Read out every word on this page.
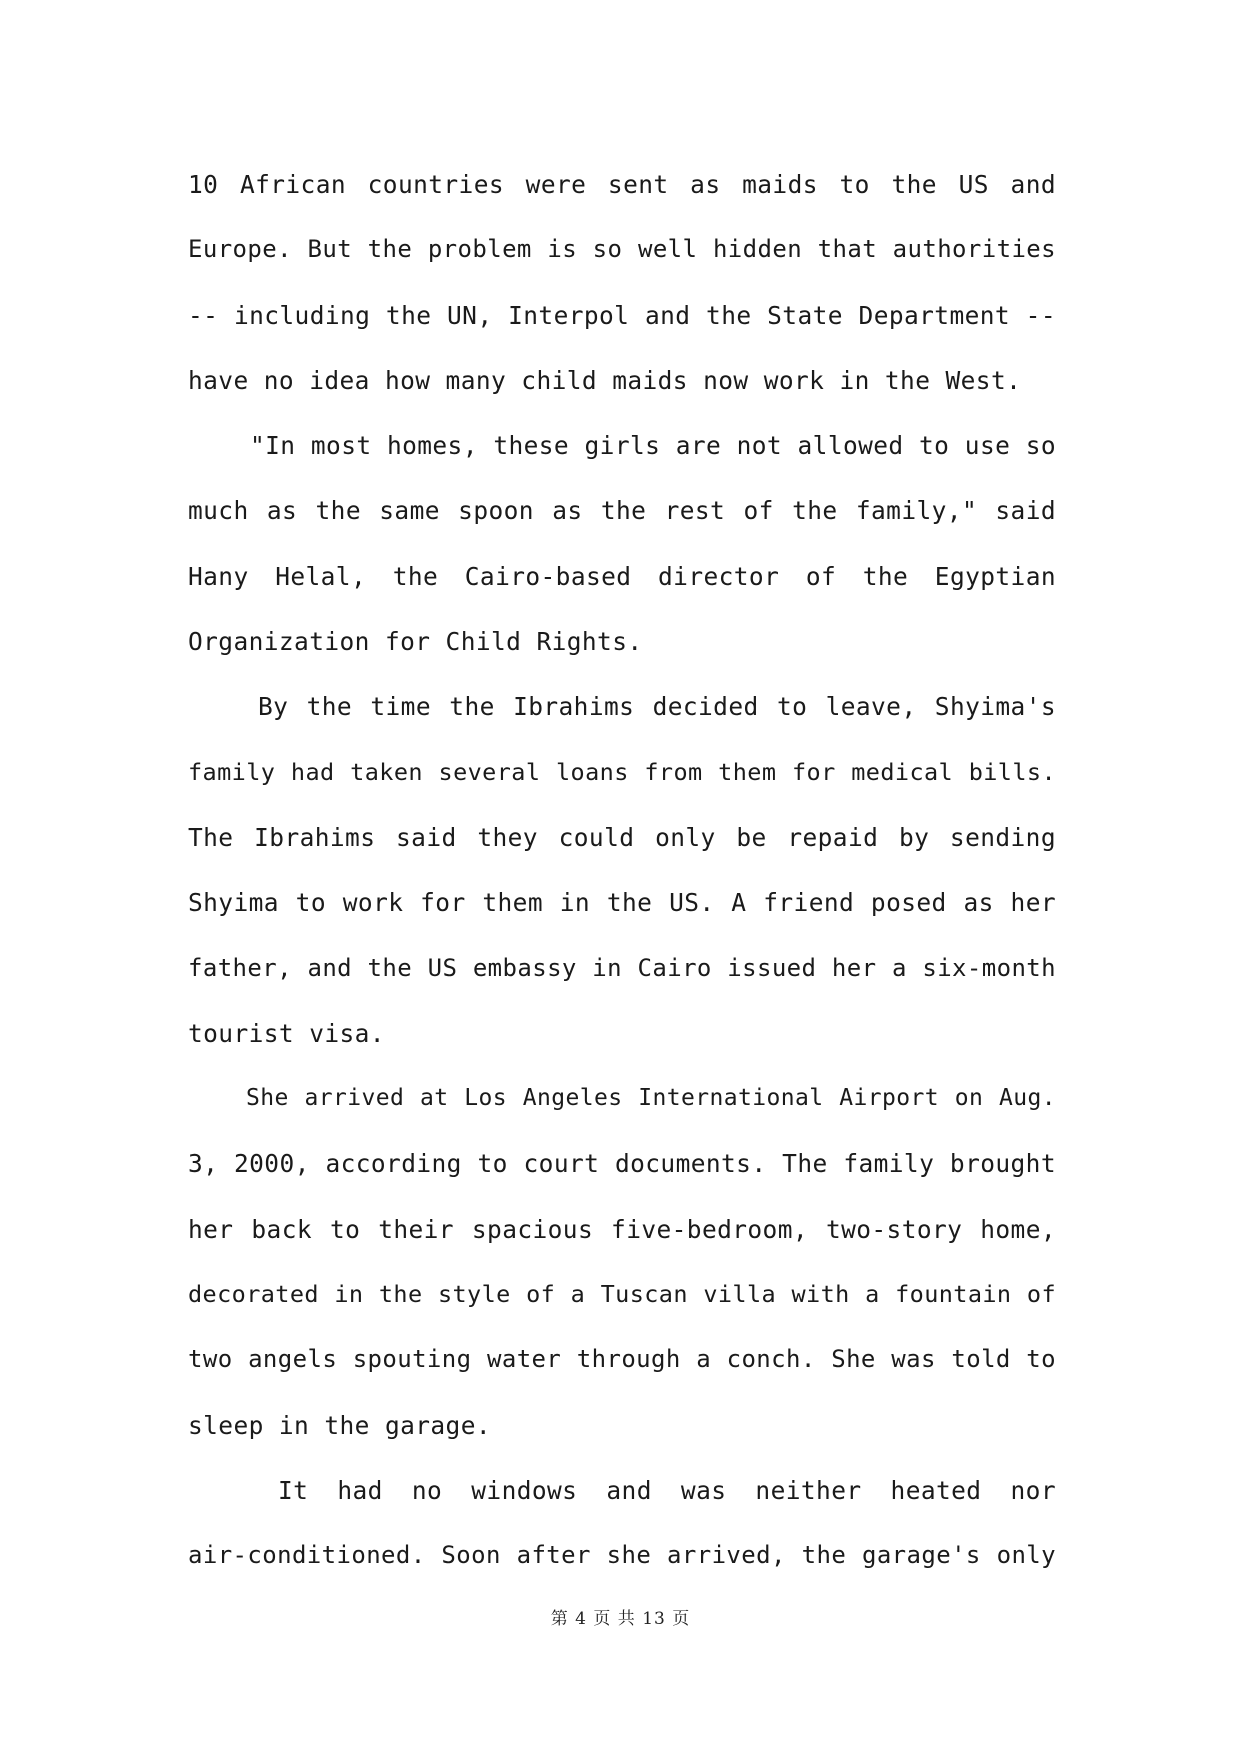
10 African countries were sent as maids to the US and
Europe. But the problem is so well hidden that authorities
-- including the UN, Interpol and the State Department --
have no idea how many child maids now work in the West.
"In most homes, these girls are not allowed to use so
much as the same spoon as the rest of the family," said
Hany Helal, the Cairo-based director of the Egyptian
Organization for Child Rights.
By the time the Ibrahims decided to leave, Shyima's
family had taken several loans from them for medical bills.
The Ibrahims said they could only be repaid by sending
Shyima to work for them in the US. A friend posed as her
father, and the US embassy in Cairo issued her a six-month
tourist visa.
She arrived at Los Angeles International Airport on Aug.
3, 2000, according to court documents. The family brought
her back to their spacious five-bedroom, two-story home,
decorated in the style of a Tuscan villa with a fountain of
two angels spouting water through a conch. She was told to
sleep in the garage.
It had no windows and was neither heated nor
air-conditioned. Soon after she arrived, the garage's only
第 4 页 共 13 页
